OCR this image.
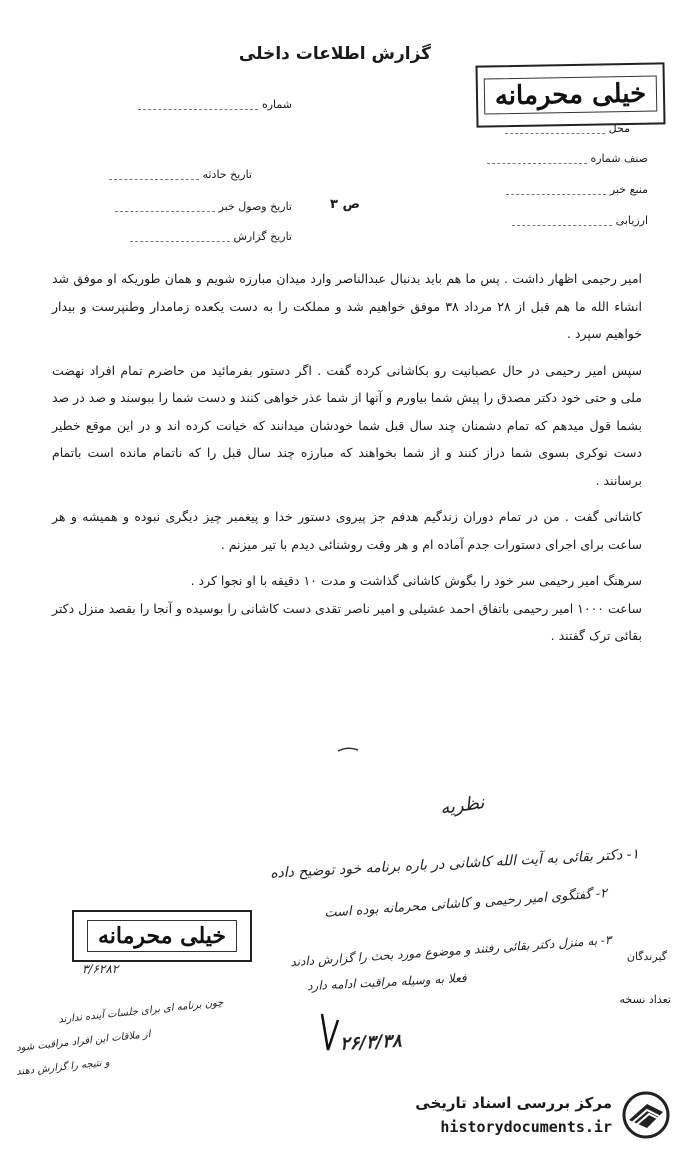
گزارش اطلاعات داخلی
خیلی محرمانه
شماره
محل
صنف شماره
تاریخ حادثه
منبع خبر
تاریخ وصول خبر	ص ۳
ارزیابی
تاریخ گزارش

امیر رحیمی اظهار داشت . پس ما هم باید بدنبال عبدالناصر وارد میدان مبارزه شویم و همان طوریکه او موفق شد انشاء الله ما هم قبل از ۲۸ مرداد ۳۸ موفق خواهیم شد و مملکت را به دست یکعده زمامدار وطنپرست و بیدار خواهیم سپرد .

سپس امیر رحیمی در حال عصبانیت رو بکاشانی کرده گفت . اگر دستور بفرمائید من حاضرم تمام افراد نهضت ملی و حتی خود دکتر مصدق را پیش شما بیاورم و آنها از شما عذر خواهی کنند و دست شما را ببوسند و صد در صد بشما قول میدهم که تمام دشمنان چند سال قبل شما خودشان میدانند که خیانت کرده اند و در این موقع خطیر دست نوکری بسوی شما دراز کنند و از شما بخواهند که مبارزه چند سال قبل را که ناتمام مانده است باتمام برسانند .

کاشانی گفت . من در تمام دوران زندگیم هدفم جز پیروی دستور خدا و پیغمبر چیز دیگری نبوده و همیشه و هر ساعت برای اجرای دستورات جدم آماده ام و هر وقت روشنائی دیدم با تیر میزنم .

سرهنگ امیر رحیمی سر خود را بگوش کاشانی گذاشت و مدت ۱۰ دقیقه با او نجوا کرد .

ساعت ۱۰۰۰ امیر رحیمی باتفاق احمد عشیلی و امیر ناصر تقدی دست کاشانی را بوسیده و آنجا را بقصد منزل دکتر بقائی ترک گفتند .

نظریه
۱- دکتر بقائی به آیت الله کاشانی در باره برنامه خود توضیح داده
۲- گفتگوی امیر رحیمی و کاشانی محرمانه بوده است
۳- به منزل دکتر بقائی رفتند و موضوع مورد بحث را گزارش دادند
فعلا به وسیله مراقبت ادامه دارد
گیرندگان
تعداد نسخه
خیلی محرمانه
۳/۶۲۸۲
۲۶/۳/۳۸
چون برنامه ای برای جلسات آینده ندارند
از ملاقات این افراد مراقبت شود
و نتیجه را گزارش دهند
مرکز بررسی اسناد تاریخی
historydocuments.ir
